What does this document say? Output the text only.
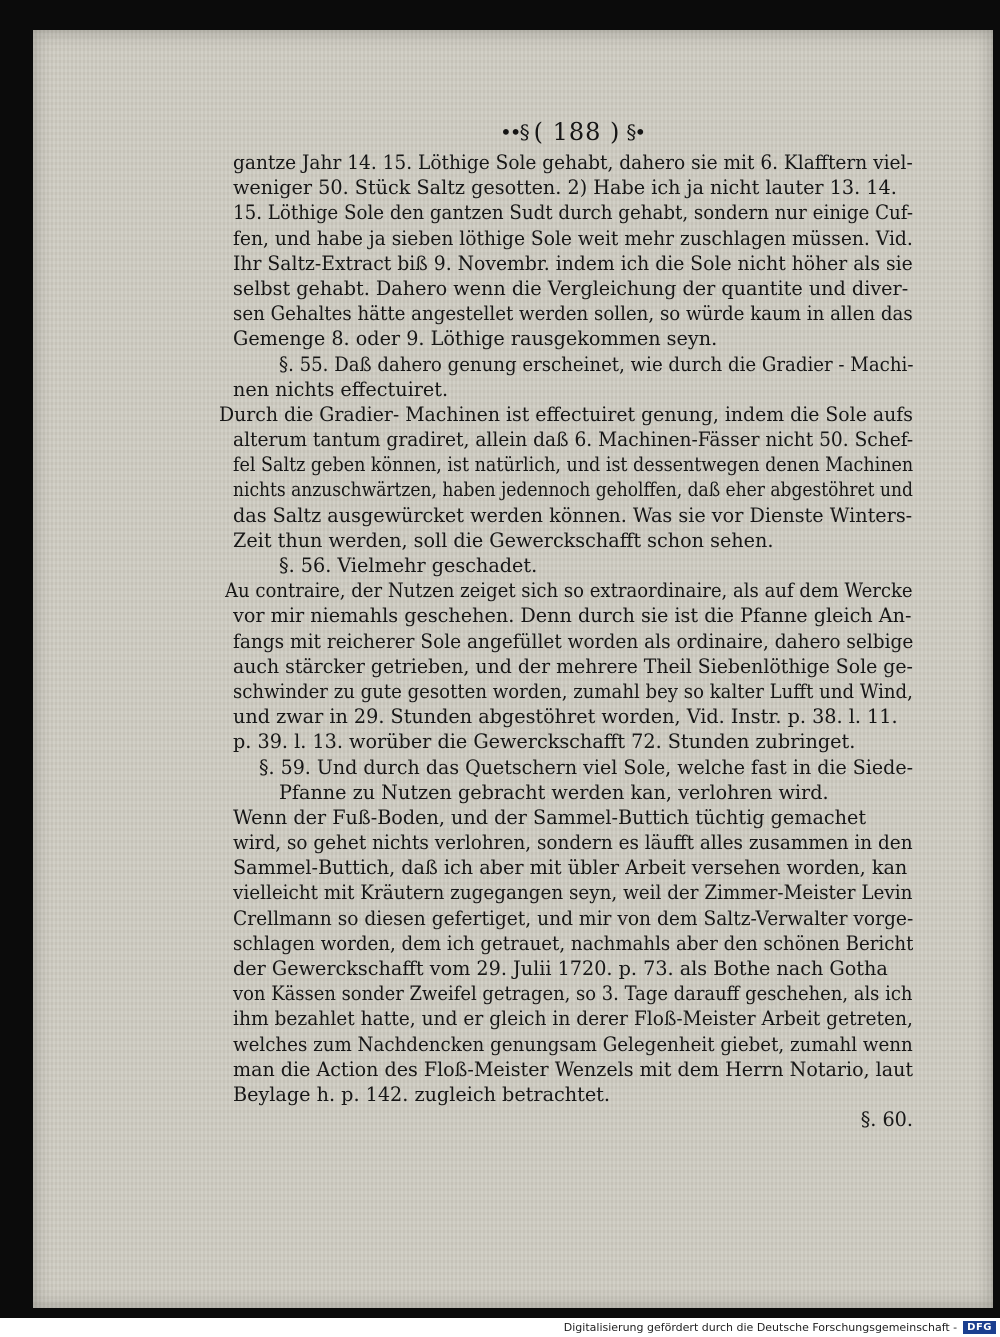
••§ ( 188 ) §•
gantze Jahr 14. 15. Löthige Sole gehabt, dahero sie mit 6. Klafftern viel-
weniger 50. Stück Saltz gesotten. 2) Habe ich ja nicht lauter 13. 14.
15. Löthige Sole den gantzen Sudt durch gehabt, sondern nur einige Cuf-
fen, und habe ja sieben löthige Sole weit mehr zuschlagen müssen. Vid.
Ihr Saltz-Extract biß 9. Novembr. indem ich die Sole nicht höher als sie
selbst gehabt. Dahero wenn die Vergleichung der quantite und diver-
sen Gehaltes hätte angestellet werden sollen, so würde kaum in allen das
Gemenge 8. oder 9. Löthige rausgekommen seyn.
§. 55. Daß dahero genung erscheinet, wie durch die Gradier - Machi-
nen nichts effectuiret.
Durch die Gradier- Machinen ist effectuiret genung, indem die Sole aufs
alterum tantum gradiret, allein daß 6. Machinen-Fässer nicht 50. Schef-
fel Saltz geben können, ist natürlich, und ist dessentwegen denen Machinen
nichts anzuschwärtzen, haben jedennoch geholffen, daß eher abgestöhret und
das Saltz ausgewürcket werden können. Was sie vor Dienste Winters-
Zeit thun werden, soll die Gewerckschafft schon sehen.
§. 56. Vielmehr geschadet.
Au contraire, der Nutzen zeiget sich so extraordinaire, als auf dem Wercke
vor mir niemahls geschehen. Denn durch sie ist die Pfanne gleich An-
fangs mit reicherer Sole angefüllet worden als ordinaire, dahero selbige
auch stärcker getrieben, und der mehrere Theil Siebenlöthige Sole ge-
schwinder zu gute gesotten worden, zumahl bey so kalter Lufft und Wind,
und zwar in 29. Stunden abgestöhret worden, Vid. Instr. p. 38. l. 11.
p. 39. l. 13. worüber die Gewerckschafft 72. Stunden zubringet.
§. 59. Und durch das Quetschern viel Sole, welche fast in die Siede-
Pfanne zu Nutzen gebracht werden kan, verlohren wird.
Wenn der Fuß-Boden, und der Sammel-Buttich tüchtig gemachet
wird, so gehet nichts verlohren, sondern es läufft alles zusammen in den
Sammel-Buttich, daß ich aber mit übler Arbeit versehen worden, kan
vielleicht mit Kräutern zugegangen seyn, weil der Zimmer-Meister Levin
Crellmann so diesen gefertiget, und mir von dem Saltz-Verwalter vorge-
schlagen worden, dem ich getrauet, nachmahls aber den schönen Bericht
der Gewerckschafft vom 29. Julii 1720. p. 73. als Bothe nach Gotha
von Kässen sonder Zweifel getragen, so 3. Tage darauff geschehen, als ich
ihm bezahlet hatte, und er gleich in derer Floß-Meister Arbeit getreten,
welches zum Nachdencken genungsam Gelegenheit giebet, zumahl wenn
man die Action des Floß-Meister Wenzels mit dem Herrn Notario, laut
Beylage h. p. 142. zugleich betrachtet.
§. 60.
Digitalisierung gefördert durch die Deutsche Forschungsgemeinschaft -	DFG
